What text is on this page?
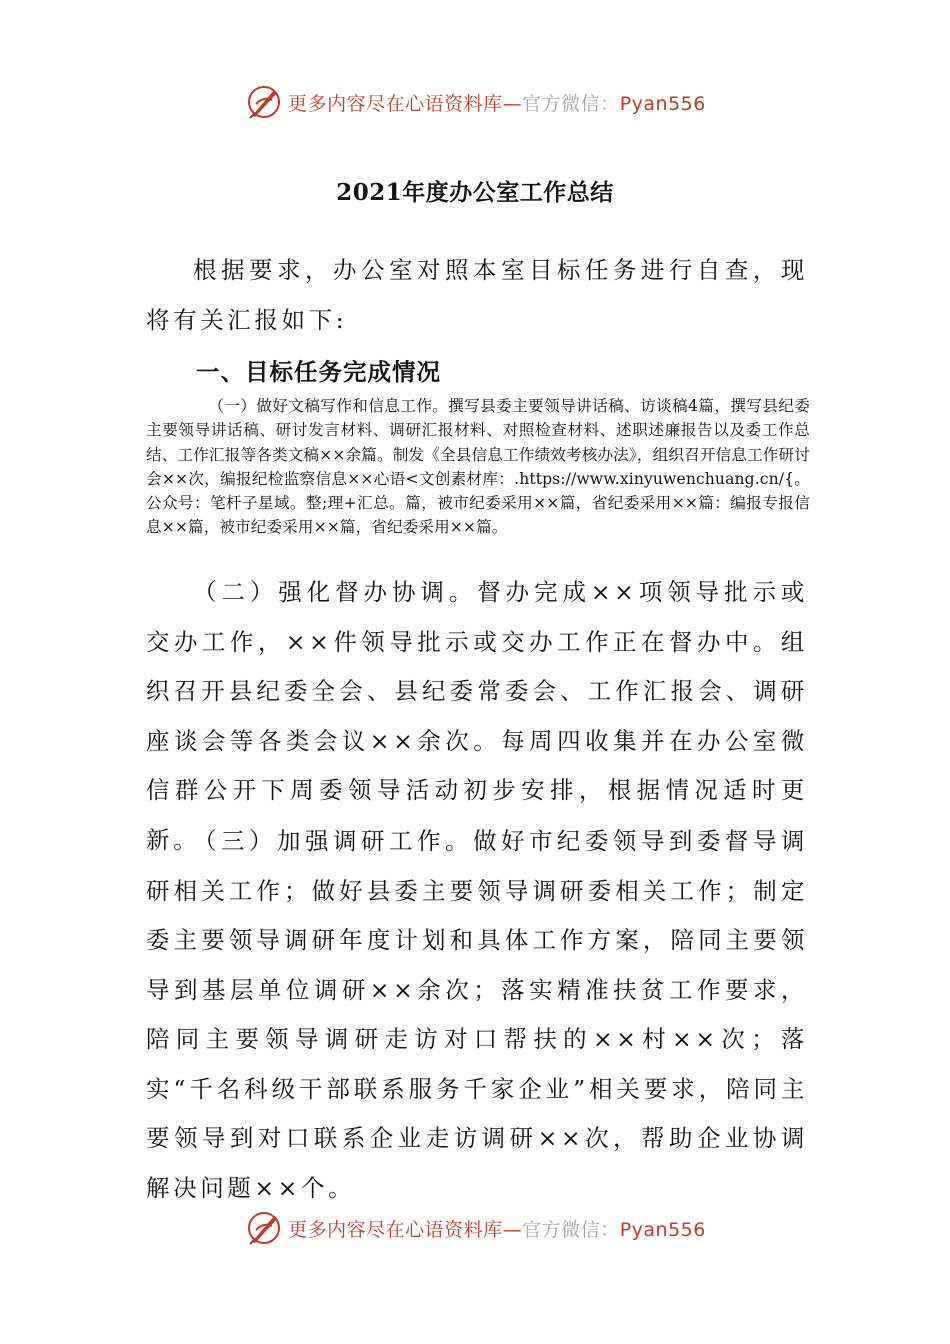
更多内容尽在心语资料库—官方微信：Pyan556
2021年度办公室工作总结

根据要求，办公室对照本室目标任务进行自查，现将有关汇报如下:

一、目标任务完成情况

（一）做好文稿写作和信息工作。撰写县委主要领导讲话稿、访谈稿4篇，撰写县纪委主要领导讲话稿、研讨发言材料、调研汇报材料、对照检查材料、述职述廉报告以及委工作总结、工作汇报等各类文稿××余篇。制发《全县信息工作绩效考核办法》，组织召开信息工作研讨会××次，编报纪检监察信息××心语<文创素材库：.https://www.xinyuwenchuang.cn/{。公众号：笔杆子星域。整;理+汇总。篇，被市纪委采用××篇，省纪委采用××篇：编报专报信息××篇，被市纪委采用××篇，省纪委采用××篇。

（二）强化督办协调。督办完成××项领导批示或交办工作，××件领导批示或交办工作正在督办中。组织召开县纪委全会、县纪委常委会、工作汇报会、调研座谈会等各类会议××余次。每周四收集并在办公室微信群公开下周委领导活动初步安排，根据情况适时更新。

（三）加强调研工作。做好市纪委领导到委督导调研相关工作；做好县委主要领导调研委相关工作；制定委主要领导调研年度计划和具体工作方案，陪同主要领导到基层单位调研××余次；落实精准扶贫工作要求，陪同主要领导调研走访对口帮扶的××村××次；落实“千名科级干部联系服务千家企业”相关要求，陪同主要领导到对口联系企业走访调研××次，帮助企业协调解决问题××个。

更多内容尽在心语资料库—官方微信：Pyan556
